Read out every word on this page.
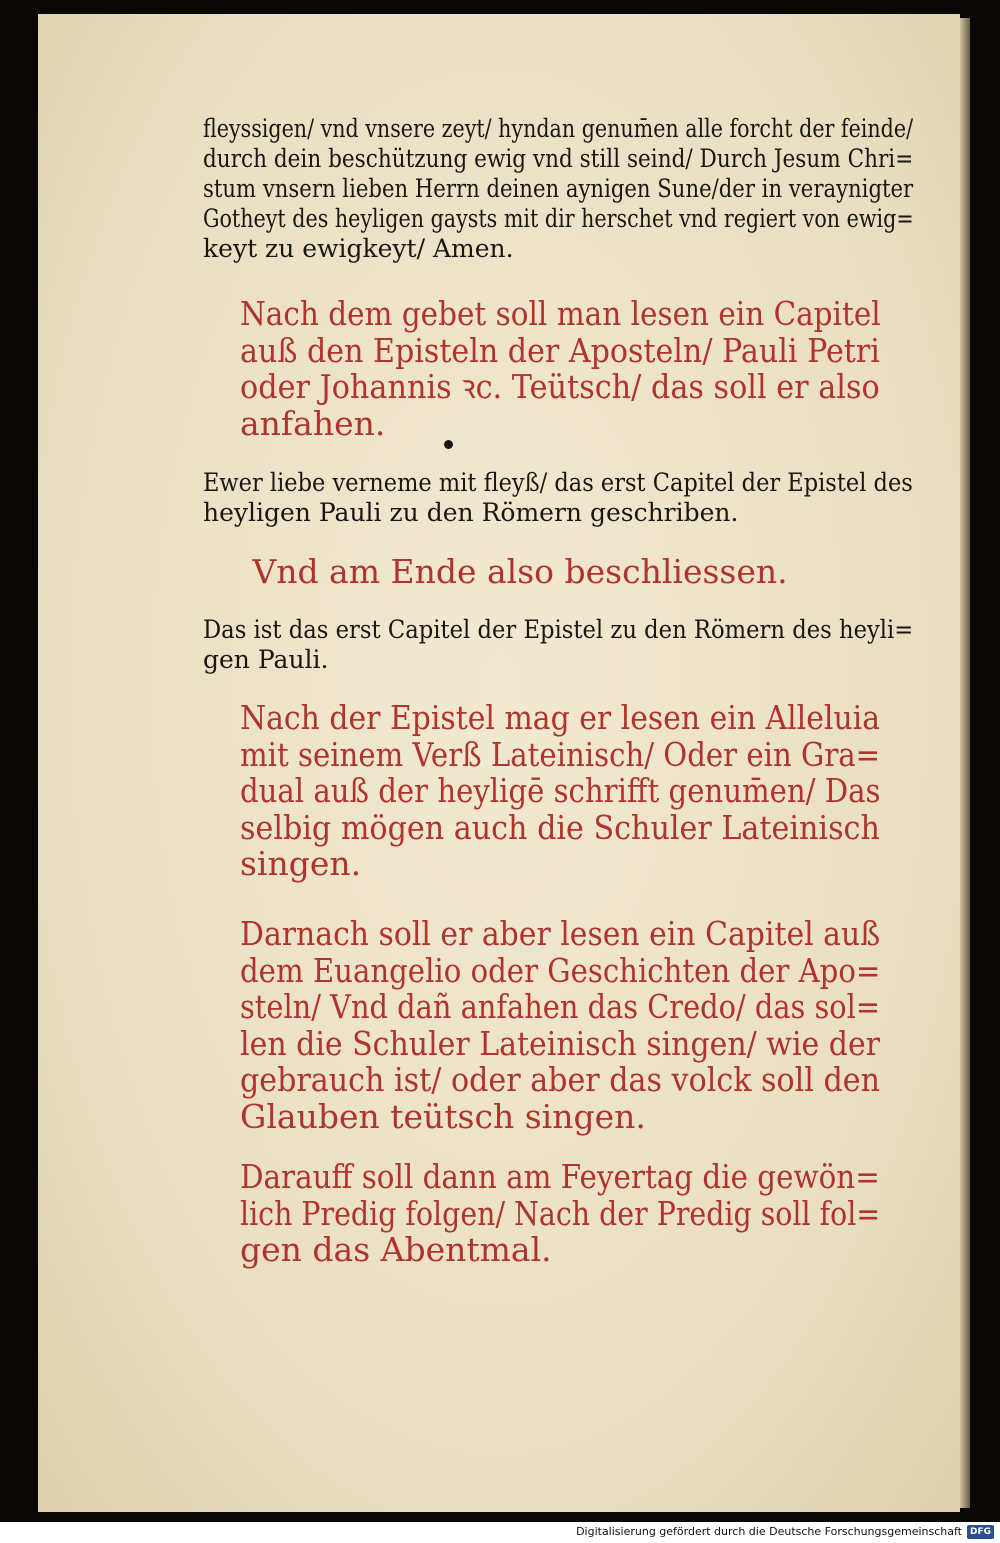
fleyssigen/ vnd vnsere zeyt/ hyndan genum̄en alle forcht der feinde/
durch dein beschützung ewig vnd still seind/ Durch Jesum Chri=
stum vnsern lieben Herrn deinen aynigen Sune/der in veraynigter
Gotheyt des heyligen gaysts mit dir herschet vnd regiert von ewig=
keyt zu ewigkeyt/ Amen.
Nach dem gebet soll man lesen ein Capitel
auß den Episteln der Aposteln/ Pauli Petri
oder Johannis ꝛc. Teütsch/ das soll er also
anfahen.
Ewer liebe verneme mit fleyß/ das erst Capitel der Epistel des
heyligen Pauli zu den Römern geschriben.
Vnd am Ende also beschliessen.
Das ist das erst Capitel der Epistel zu den Römern des heyli=
gen Pauli.
Nach der Epistel mag er lesen ein Alleluia
mit seinem Verß Lateinisch/ Oder ein Gra=
dual auß der heyligē schrifft genum̄en/ Das
selbig mögen auch die Schuler Lateinisch
singen.
Darnach soll er aber lesen ein Capitel auß
dem Euangelio oder Geschichten der Apo=
steln/ Vnd dañ anfahen das Credo/ das sol=
len die Schuler Lateinisch singen/ wie der
gebrauch ist/ oder aber das volck soll den
Glauben teütsch singen.
Darauff soll dann am Feyertag die gewön=
lich Predig folgen/ Nach der Predig soll fol=
gen das Abentmal.
Digitalisierung gefördert durch die Deutsche Forschungsgemeinschaft DFG
